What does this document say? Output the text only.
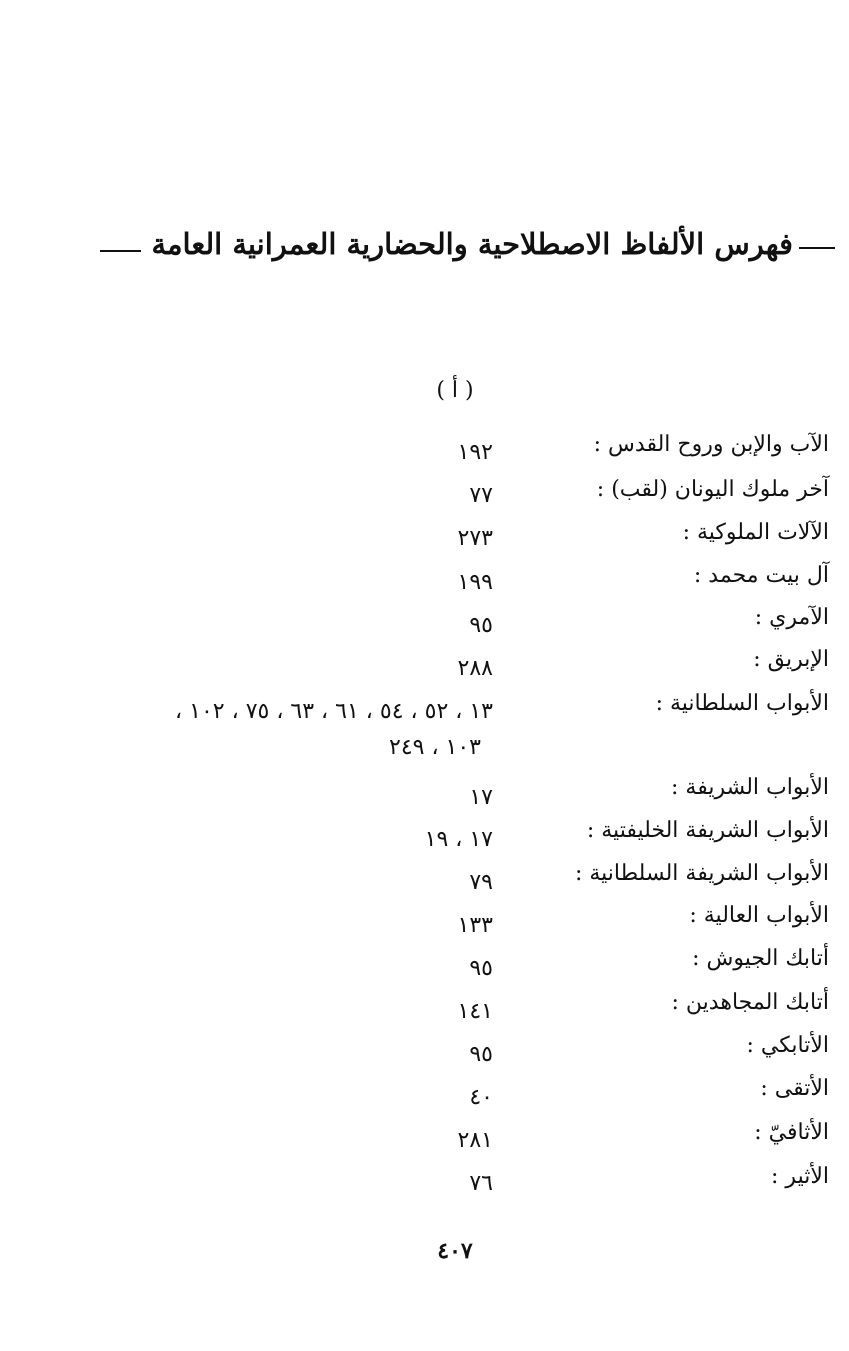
فهرس الألفاظ الاصطلاحية والحضارية العمرانية العامة
( أ )
الآب والإبن وروح القدس :
١٩٢
آخر ملوك اليونان (لقب) :
٧٧
الآلات الملوكية :
٢٧٣
آل بيت محمد :
١٩٩
الآمري :
٩٥
الإبريق :
٢٨٨
الأبواب السلطانية :
١٣ ، ٥٢ ، ٥٤ ، ٦١ ، ٦٣ ، ٧٥ ، ١٠٢ ،
١٠٣ ، ٢٤٩
الأبواب الشريفة :
١٧
الأبواب الشريفة الخليفتية :
١٧ ، ١٩
الأبواب الشريفة السلطانية :
٧٩
الأبواب العالية :
١٣٣
أتابك الجيوش :
٩٥
أتابك المجاهدين :
١٤١
الأتابكي :
٩٥
الأتقى :
٤٠
الأثافيّ :
٢٨١
الأثير :
٧٦
٤٠٧
